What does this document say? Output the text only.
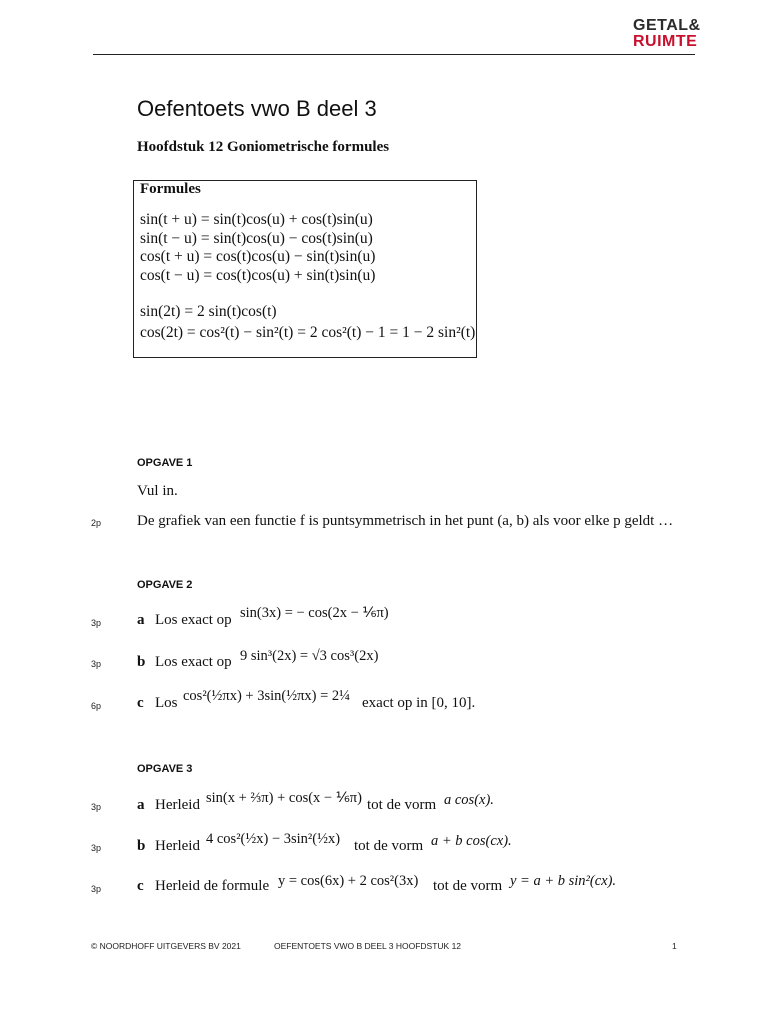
GETAL&
RUIMTE
Oefentoets vwo B deel 3
Hoofdstuk 12 Goniometrische formules
Formules
sin(t + u) = sin(t)cos(u) + cos(t)sin(u)
sin(t − u) = sin(t)cos(u) − cos(t)sin(u)
cos(t + u) = cos(t)cos(u) − sin(t)sin(u)
cos(t − u) = cos(t)cos(u) + sin(t)sin(u)
sin(2t) = 2 sin(t)cos(t)
cos(2t) = cos²(t) − sin²(t) = 2 cos²(t) − 1 = 1 − 2 sin²(t)
OPGAVE 1
Vul in.
2p De grafiek van een functie f is puntsymmetrisch in het punt (a, b) als voor elke p geldt …
OPGAVE 2
3p a Los exact op sin(3x) = − cos(2x − ⅙π)
3p b Los exact op 9 sin³(2x) = √3 cos³(2x)
6p c Los cos²(½πx) + 3sin(½πx) = 2¼ exact op in [0, 10].
OPGAVE 3
3p a Herleid sin(x + ⅔π) + cos(x − ⅙π) tot de vorm a cos(x).
3p b Herleid 4 cos²(½x) − 3sin²(½x) tot de vorm a + b cos(cx).
3p c Herleid de formule y = cos(6x) + 2 cos²(3x) tot de vorm y = a + b sin²(cx).
© NOORDHOFF UITGEVERS BV 2021	OEFENTOETS VWO B DEEL 3 HOOFDSTUK 12	1
